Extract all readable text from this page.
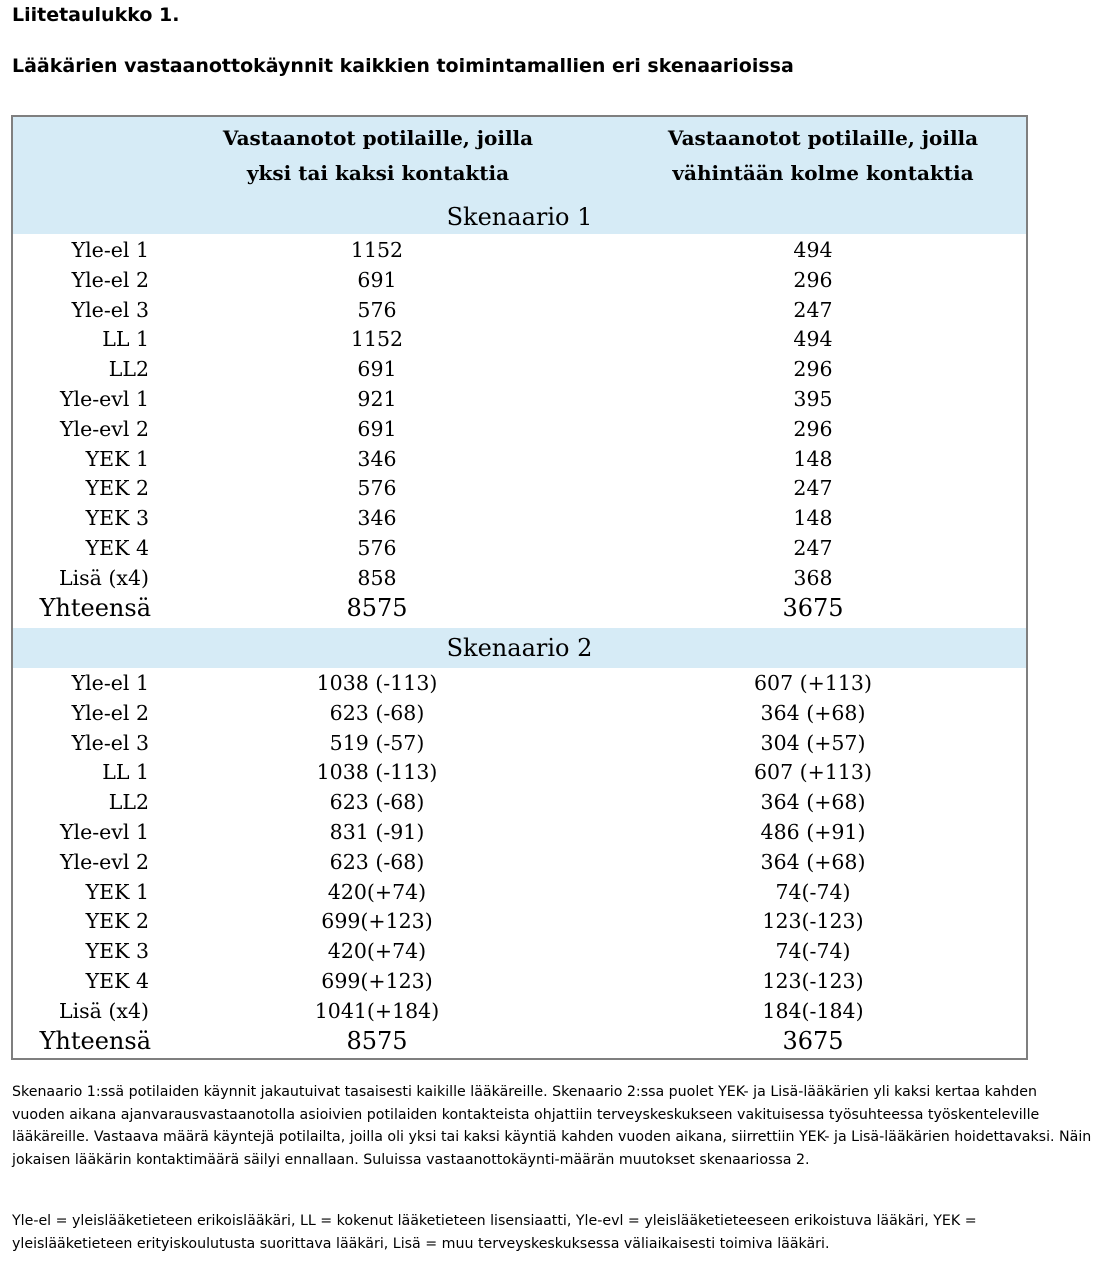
Liitetaulukko 1.
Lääkärien vastaanottokäynnit kaikkien toimintamallien eri skenaarioissa
Vastaanotot potilaille, joilla
yksi tai kaksi kontaktia
Vastaanotot potilaille, joilla
vähintään kolme kontaktia
Skenaario 1
Yle-el 1	1152	494
Yle-el 2	691	296
Yle-el 3	576	247
LL 1	1152	494
LL2	691	296
Yle-evl 1	921	395
Yle-evl 2	691	296
YEK 1	346	148
YEK 2	576	247
YEK 3	346	148
YEK 4	576	247
Lisä (x4)	858	368
Yhteensä	8575	3675
Skenaario 2
Yle-el 1	1038 (-113)	607 (+113)
Yle-el 2	623 (-68)	364 (+68)
Yle-el 3	519 (-57)	304 (+57)
LL 1	1038 (-113)	607 (+113)
LL2	623 (-68)	364 (+68)
Yle-evl 1	831 (-91)	486 (+91)
Yle-evl 2	623 (-68)	364 (+68)
YEK 1	420(+74)	74(-74)
YEK 2	699(+123)	123(-123)
YEK 3	420(+74)	74(-74)
YEK 4	699(+123)	123(-123)
Lisä (x4)	1041(+184)	184(-184)
Yhteensä	8575	3675

Skenaario 1:ssä potilaiden käynnit jakautuivat tasaisesti kaikille lääkäreille. Skenaario 2:ssa puolet YEK- ja Lisä-lääkärien yli kaksi kertaa kahden vuoden aikana ajanvarausvastaanotolla asioivien potilaiden kontakteista ohjattiin terveyskeskukseen vakituisessa työsuhteessa työskenteleville lääkäreille. Vastaava määrä käyntejä potilailta, joilla oli yksi tai kaksi käyntiä kahden vuoden aikana, siirrettiin YEK- ja Lisä-lääkärien hoidettavaksi. Näin jokaisen lääkärin kontaktimäärä säilyi ennallaan. Suluissa vastaanottokäynti-määrän muutokset skenaariossa 2.

Yle-el = yleislääketieteen erikoislääkäri, LL = kokenut lääketieteen lisensiaatti, Yle-evl = yleislääketieteeseen erikoistuva lääkäri, YEK = yleislääketieteen erityiskoulutusta suorittava lääkäri, Lisä = muu terveyskeskuksessa väliaikaisesti toimiva lääkäri.
